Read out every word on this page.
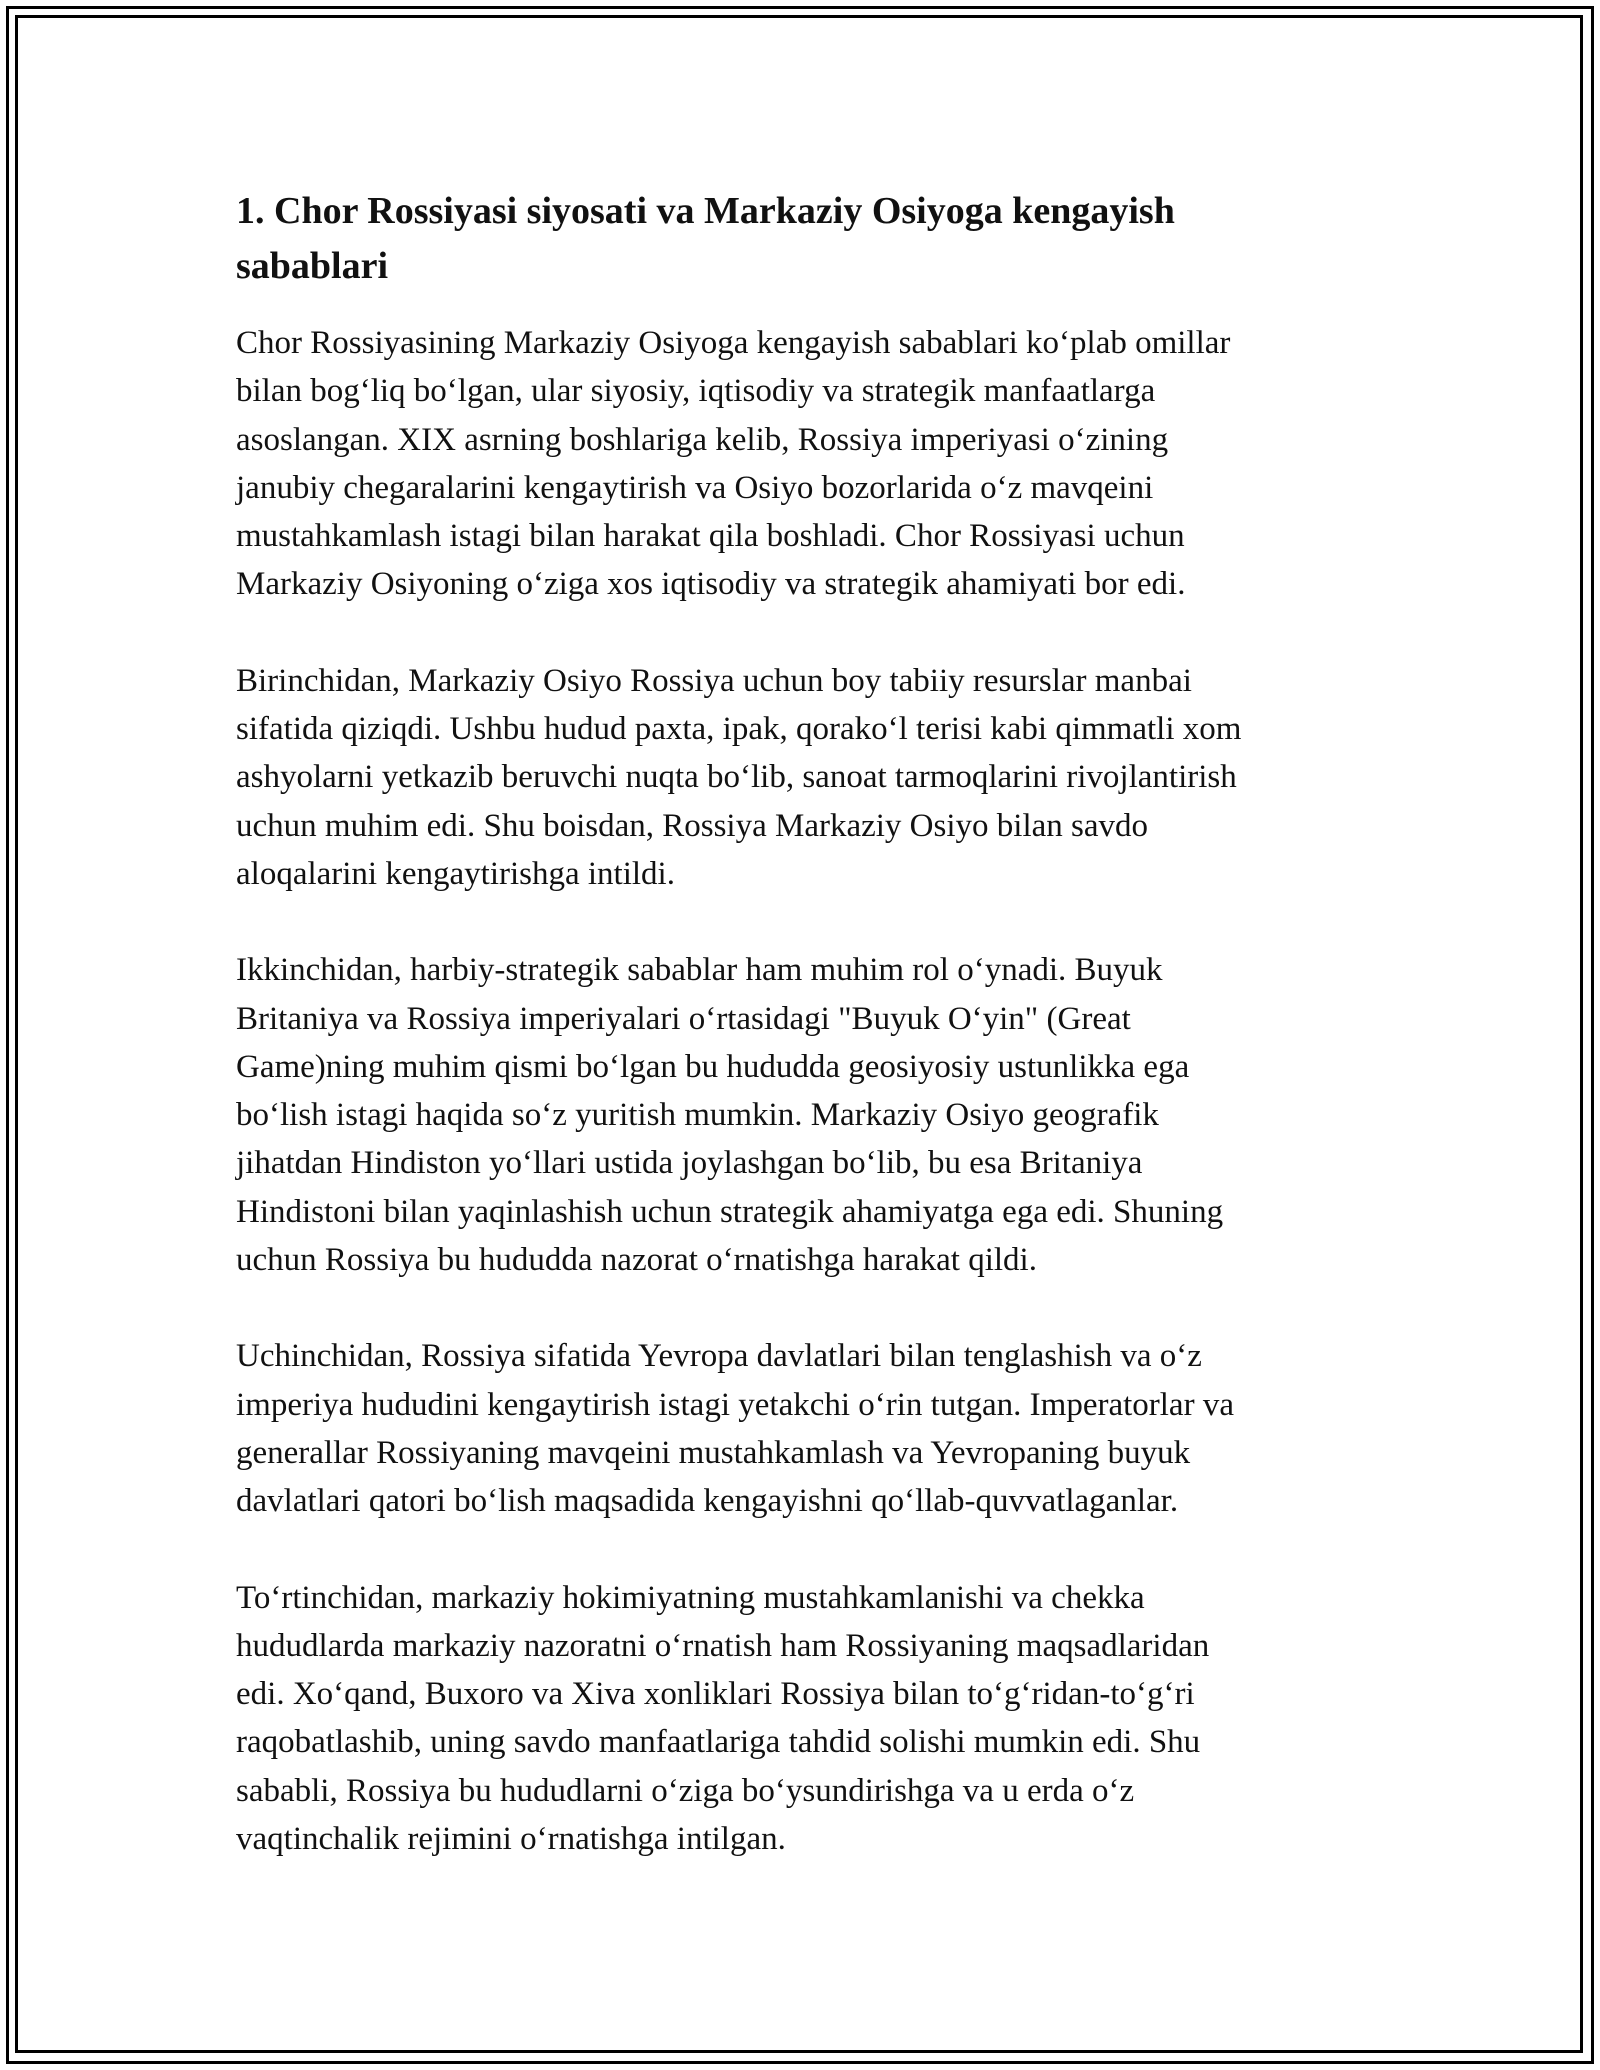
1. Chor Rossiyasi siyosati va Markaziy Osiyoga kengayish
sabablari

Chor Rossiyasining Markaziy Osiyoga kengayish sabablari koʻplab omillar
bilan bogʻliq boʻlgan, ular siyosiy, iqtisodiy va strategik manfaatlarga
asoslangan. XIX asrning boshlariga kelib, Rossiya imperiyasi oʻzining
janubiy chegaralarini kengaytirish va Osiyo bozorlarida oʻz mavqeini
mustahkamlash istagi bilan harakat qila boshladi. Chor Rossiyasi uchun
Markaziy Osiyoning oʻziga xos iqtisodiy va strategik ahamiyati bor edi.

Birinchidan, Markaziy Osiyo Rossiya uchun boy tabiiy resurslar manbai
sifatida qiziqdi. Ushbu hudud paxta, ipak, qorakoʻl terisi kabi qimmatli xom
ashyolarni yetkazib beruvchi nuqta boʻlib, sanoat tarmoqlarini rivojlantirish
uchun muhim edi. Shu boisdan, Rossiya Markaziy Osiyo bilan savdo
aloqalarini kengaytirishga intildi.

Ikkinchidan, harbiy-strategik sabablar ham muhim rol oʻynadi. Buyuk
Britaniya va Rossiya imperiyalari oʻrtasidagi "Buyuk Oʻyin" (Great
Game)ning muhim qismi boʻlgan bu hududda geosiyosiy ustunlikka ega
boʻlish istagi haqida soʻz yuritish mumkin. Markaziy Osiyo geografik
jihatdan Hindiston yoʻllari ustida joylashgan boʻlib, bu esa Britaniya
Hindistoni bilan yaqinlashish uchun strategik ahamiyatga ega edi. Shuning
uchun Rossiya bu hududda nazorat oʻrnatishga harakat qildi.

Uchinchidan, Rossiya sifatida Yevropa davlatlari bilan tenglashish va oʻz
imperiya hududini kengaytirish istagi yetakchi oʻrin tutgan. Imperatorlar va
generallar Rossiyaning mavqeini mustahkamlash va Yevropaning buyuk
davlatlari qatori boʻlish maqsadida kengayishni qoʻllab-quvvatlaganlar.

Toʻrtinchidan, markaziy hokimiyatning mustahkamlanishi va chekka
hududlarda markaziy nazoratni oʻrnatish ham Rossiyaning maqsadlaridan
edi. Xoʻqand, Buxoro va Xiva xonliklari Rossiya bilan toʻgʻridan-toʻgʻri
raqobatlashib, uning savdo manfaatlariga tahdid solishi mumkin edi. Shu
sababli, Rossiya bu hududlarni oʻziga boʻysundirishga va u erda oʻz
vaqtinchalik rejimini oʻrnatishga intilgan.
